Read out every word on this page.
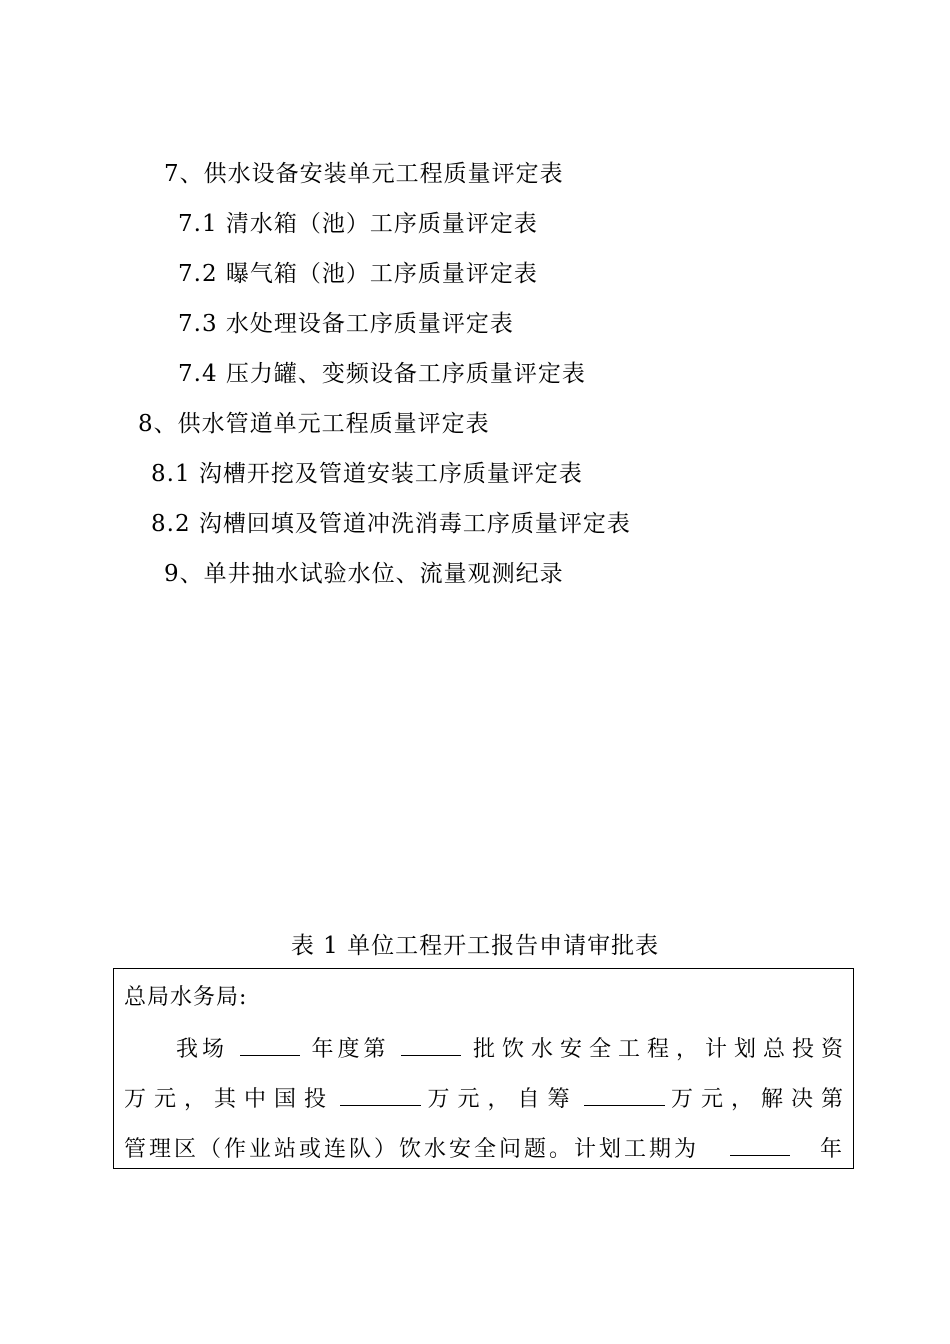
7、供水设备安装单元工程质量评定表
7.1 清水箱（池）工序质量评定表
7.2 曝气箱（池）工序质量评定表
7.3 水处理设备工序质量评定表
7.4 压力罐、变频设备工序质量评定表
8、供水管道单元工程质量评定表
8.1 沟槽开挖及管道安装工序质量评定表
8.2 沟槽回填及管道冲洗消毒工序质量评定表
9、单井抽水试验水位、流量观测纪录
表 1 单位工程开工报告申请审批表
总局水务局:
我场	年度第	批饮水安全工程，计划总投资
万元，其中国投	万元，自筹	万元，解决第
管理区（作业站或连队）饮水安全问题。计划工期为	年
